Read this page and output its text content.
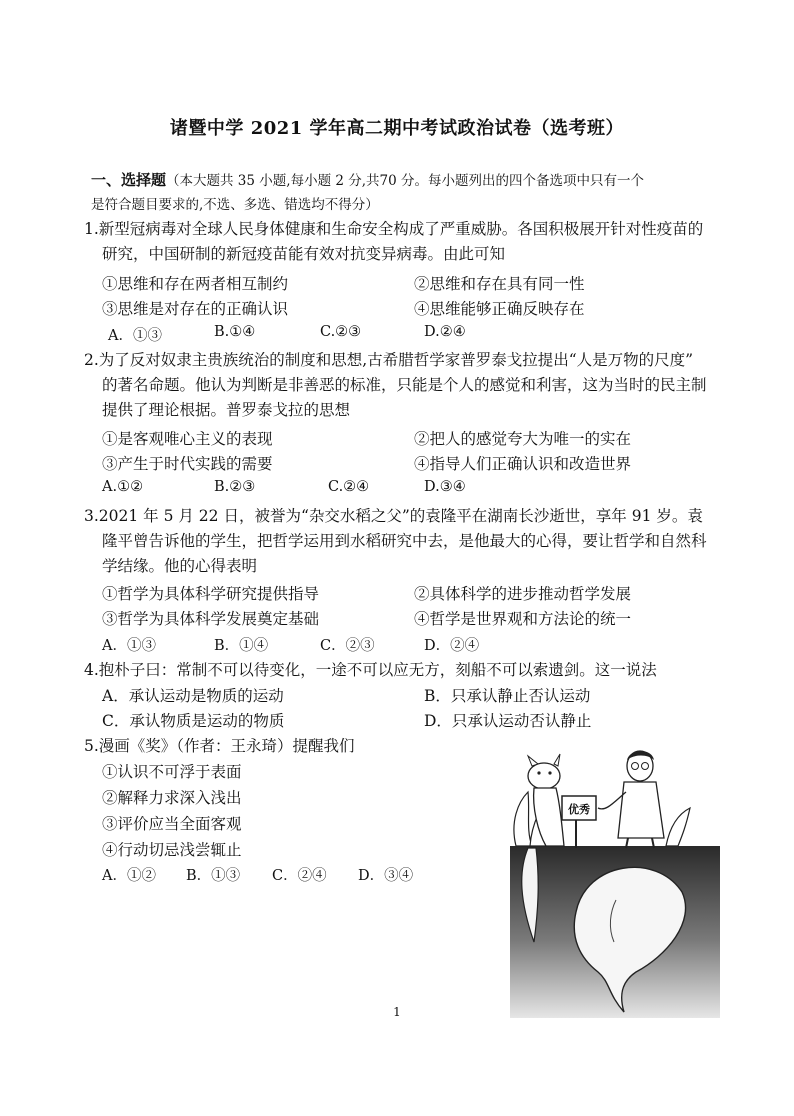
诸暨中学 2021 学年高二期中考试政治试卷（选考班）
一、选择题（本大题共 35 小题,每小题 2 分,共70 分。每小题列出的四个备选项中只有一个
是符合题目要求的,不选、多选、错选均不得分）
1.新型冠病毒对全球人民身体健康和生命安全构成了严重威胁。各国积极展开针对性疫苗的
研究，中国研制的新冠疫苗能有效对抗变异病毒。由此可知
①思维和存在两者相互制约	②思维和存在具有同一性
③思维是对存在的正确认识	④思维能够正确反映存在
A．①③	B.①④	C.②③	D.②④
2.为了反对奴隶主贵族统治的制度和思想,古希腊哲学家普罗泰戈拉提出“人是万物的尺度”
的著名命题。他认为判断是非善恶的标准，只能是个人的感觉和利害，这为当时的民主制
提供了理论根据。普罗泰戈拉的思想
①是客观唯心主义的表现	②把人的感觉夸大为唯一的实在
③产生于时代实践的需要	④指导人们正确认识和改造世界
A.①②	B.②③	C.②④	D.③④
3.2021 年 5 月 22 日，被誉为“杂交水稻之父”的袁隆平在湖南长沙逝世，享年 91 岁。袁
隆平曾告诉他的学生，把哲学运用到水稻研究中去，是他最大的心得，要让哲学和自然科
学结缘。他的心得表明
①哲学为具体科学研究提供指导	②具体科学的进步推动哲学发展
③哲学为具体科学发展奠定基础	④哲学是世界观和方法论的统一
A．①③	B．①④	C．②③	D．②④
4.抱朴子曰：常制不可以待变化，一途不可以应无方，刻船不可以索遗剑。这一说法
A．承认运动是物质的运动	B．只承认静止否认运动
C．承认物质是运动的物质	D．只承认运动否认静止
5.漫画《奖》（作者：王永琦）提醒我们
①认识不可浮于表面
②解释力求深入浅出
③评价应当全面客观
④行动切忌浅尝辄止
A．①② B．①③ C．②④ D．③④
优秀
1
